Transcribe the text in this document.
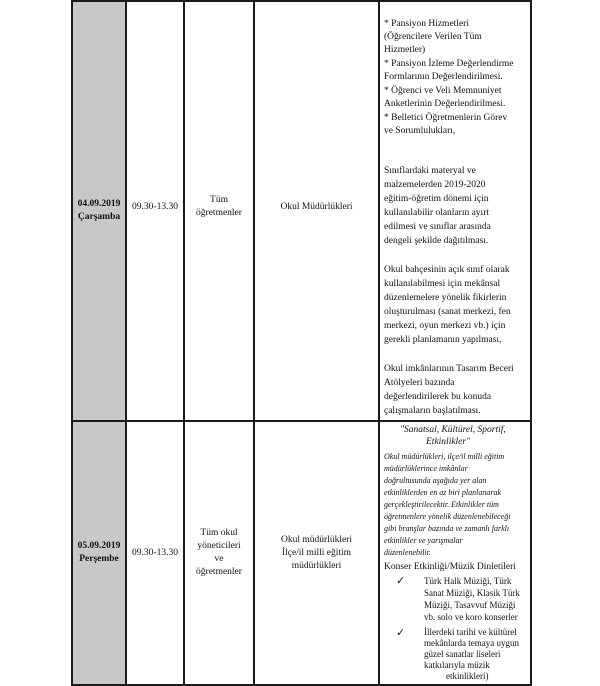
04.09.2019
Çarşamba
09.30-13.30
Tüm
öğretmenler
Okul Müdürlükleri
* Pansiyon Hizmetleri
(Öğrencilere Verilen Tüm
Hizmetler)
* Pansiyon İzleme Değerlendirme
Formlarının Değerlendirilmesi.
* Öğrenci ve Veli Memnuniyet
Anketlerinin Değerlendirilmesi.
* Belletici Öğretmenlerin Görev
ve Sorumlulukları,
Sınıflardaki materyal ve
malzemelerden 2019-2020
eğitim-öğretim dönemi için
kullanılabilir olanların ayırt
edilmesi ve sınıflar arasında
dengeli şekilde dağıtılması.
Okul bahçesinin açık sınıf olarak
kullanılabilmesi için mekânsal
düzenlemelere yönelik fikirlerin
oluşturulması (sanat merkezi, fen
merkezi, oyun merkezi vb.) için
gerekli planlamanın yapılması,
Okul imkânlarının Tasarım Beceri
Atölyeleri bazında
değerlendirilerek bu konuda
çalışmaların başlatılması.
05.09.2019
Perşembe
09.30-13.30
Tüm okul
yöneticileri
ve
öğretmenler
Okul müdürlükleri
İlçe/il milli eğitim
müdürlükleri
"Sanatsal, Kültürel, Sportif,
Etkinlikler"
Okul müdürlükleri, ilçe/il milli eğitim
müdürlüklerince imkânlar
doğrultusunda aşağıda yer alan
etkinliklerden en az biri planlanarak
gerçekleştirilecektir. Etkinlikler tüm
öğretmenlere yönelik düzenlenebileceği
gibi branşlar bazında ve zamanlı farklı
etkinlikler ve yarışmalar
düzenlenebilir.
Konser Etkinliği/Müzik Dinletileri
✓ Türk Halk Müziği, Türk
Sanat Müziği, Klasik Türk
Müziği, Tasavvuf Müziği
vb. solo ve koro konserler
✓ İllerdeki tarihi ve kültürel
mekânlarda temaya uygun
güzel sanatlar liseleri
katkılarıyla müzik
etkinlikleri)
